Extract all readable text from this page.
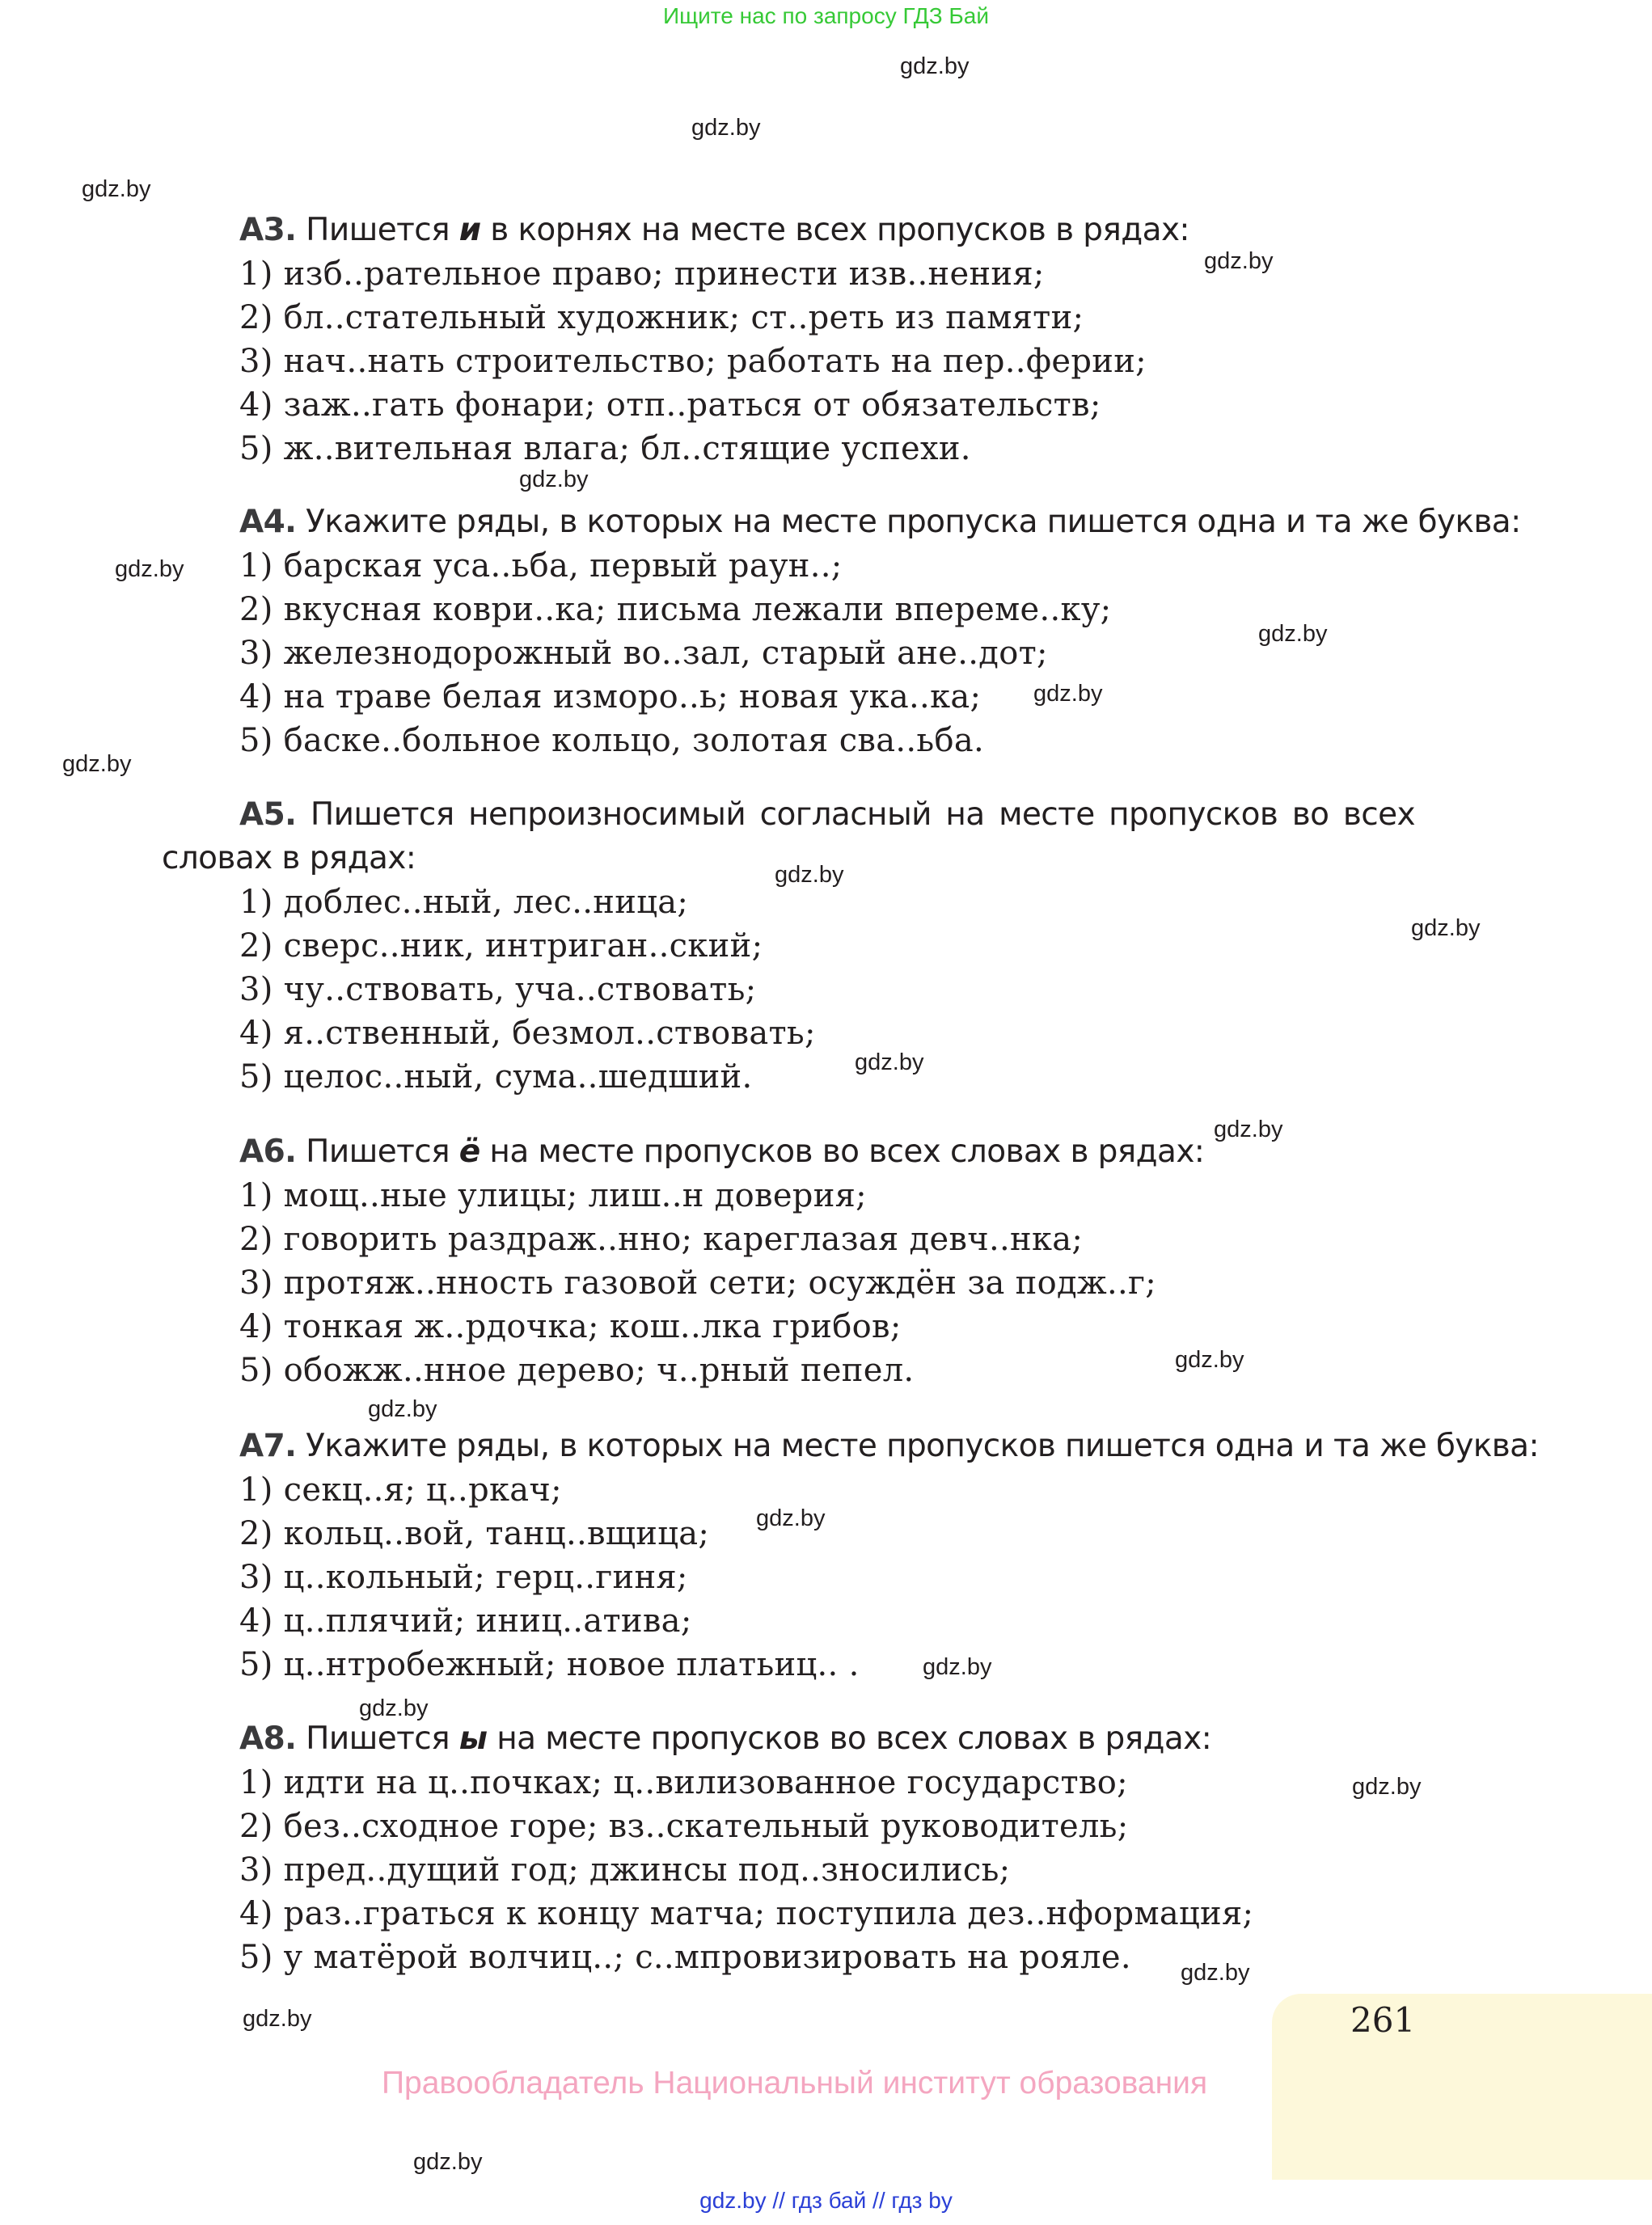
Ищите нас по запросу ГДЗ Бай
gdz.by
gdz.by
gdz.by
gdz.by
gdz.by
gdz.by
gdz.by
gdz.by
gdz.by
gdz.by
gdz.by
gdz.by
gdz.by
gdz.by
gdz.by
gdz.by
gdz.by
gdz.by
gdz.by
gdz.by
gdz.by
gdz.by
А3. Пишется и в корнях на месте всех пропусков в рядах:
1) изб..рательное право; принести изв..нения;
2) бл..стательный художник; ст..реть из памяти;
3) нач..нать строительство; работать на пер..ферии;
4) заж..гать фонари; отп..раться от обязательств;
5) ж..вительная влага; бл..стящие успехи.
А4. Укажите ряды, в которых на месте пропуска пишется одна и та же буква:
1) барская уса..ьба, первый раун..;
2) вкусная коври..ка; письма лежали впереме..ку;
3) железнодорожный во..зал, старый ане..дот;
4) на траве белая изморо..ь; новая ука..ка;
5) баске..больное кольцо, золотая сва..ьба.
А5. Пишется непроизносимый согласный на месте пропусков во всех словах в рядах:
1) доблес..ный, лес..ница;
2) сверс..ник, интриган..ский;
3) чу..ствовать, уча..ствовать;
4) я..ственный, безмол..ствовать;
5) целос..ный, сума..шедший.
А6. Пишется ё на месте пропусков во всех словах в рядах:
1) мощ..ные улицы; лиш..н доверия;
2) говорить раздраж..нно; кареглазая девч..нка;
3) протяж..нность газовой сети; осуждён за подж..г;
4) тонкая ж..рдочка; кош..лка грибов;
5) обожж..нное дерево; ч..рный пепел.
А7. Укажите ряды, в которых на месте пропусков пишется одна и та же буква:
1) секц..я; ц..ркач;
2) кольц..вой, танц..вщица;
3) ц..кольный; герц..гиня;
4) ц..плячий; иниц..атива;
5) ц..нтробежный; новое платьиц.. .
А8. Пишется ы на месте пропусков во всех словах в рядах:
1) идти на ц..почках; ц..вилизованное государство;
2) без..сходное горе; вз..скательный руководитель;
3) пред..дущий год; джинсы под..зносились;
4) раз..граться к концу матча; поступила дез..нформация;
5) у матёрой волчиц..; с..мпровизировать на рояле.
261
Правообладатель Национальный институт образования
gdz.by // гдз бай // гдз by
